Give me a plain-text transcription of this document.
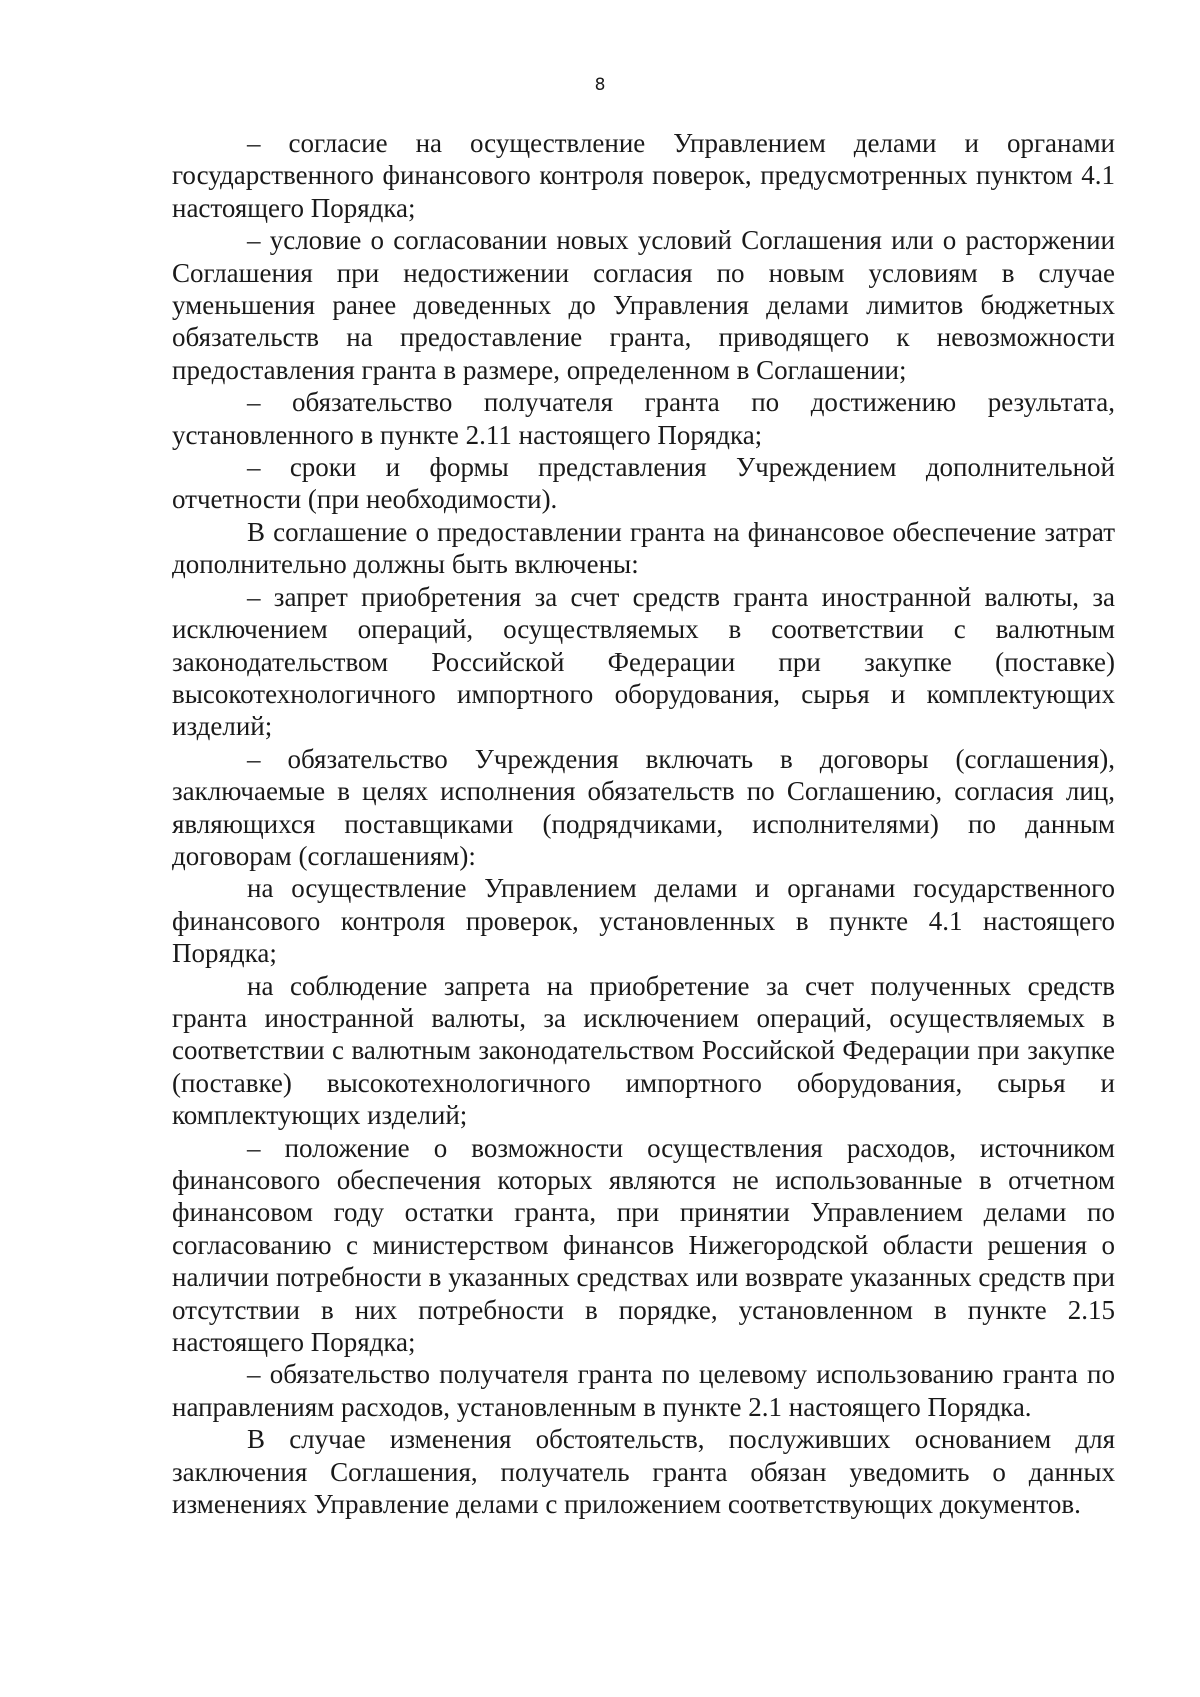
8

– согласие на осуществление Управлением делами и органами государственного финансового контроля поверок, предусмотренных пунктом 4.1 настоящего Порядка;

– условие о согласовании новых условий Соглашения или о расторжении Соглашения при недостижении согласия по новым условиям в случае уменьшения ранее доведенных до Управления делами лимитов бюджетных обязательств на предоставление гранта, приводящего к невозможности предоставления гранта в размере, определенном в Соглашении;

– обязательство получателя гранта по достижению результата, установленного в пункте 2.11 настоящего Порядка;

– сроки и формы представления Учреждением дополнительной отчетности (при необходимости).

В соглашение о предоставлении гранта на финансовое обеспечение затрат дополнительно должны быть включены:

– запрет приобретения за счет средств гранта иностранной валюты, за исключением операций, осуществляемых в соответствии с валютным законодательством Российской Федерации при закупке (поставке) высокотехнологичного импортного оборудования, сырья и комплектующих изделий;

– обязательство Учреждения включать в договоры (соглашения), заключаемые в целях исполнения обязательств по Соглашению, согласия лиц, являющихся поставщиками (подрядчиками, исполнителями) по данным договорам (соглашениям):

на осуществление Управлением делами и органами государственного финансового контроля проверок, установленных в пункте 4.1 настоящего Порядка;

на соблюдение запрета на приобретение за счет полученных средств гранта иностранной валюты, за исключением операций, осуществляемых в соответствии с валютным законодательством Российской Федерации при закупке (поставке) высокотехнологичного импортного оборудования, сырья и комплектующих изделий;

– положение о возможности осуществления расходов, источником финансового обеспечения которых являются не использованные в отчетном финансовом году остатки гранта, при принятии Управлением делами по согласованию с министерством финансов Нижегородской области решения о наличии потребности в указанных средствах или возврате указанных средств при отсутствии в них потребности в порядке, установленном в пункте 2.15 настоящего Порядка;

– обязательство получателя гранта по целевому использованию гранта по направлениям расходов, установленным в пункте 2.1 настоящего Порядка.

В случае изменения обстоятельств, послуживших основанием для заключения Соглашения, получатель гранта обязан уведомить о данных изменениях Управление делами с приложением соответствующих документов.
